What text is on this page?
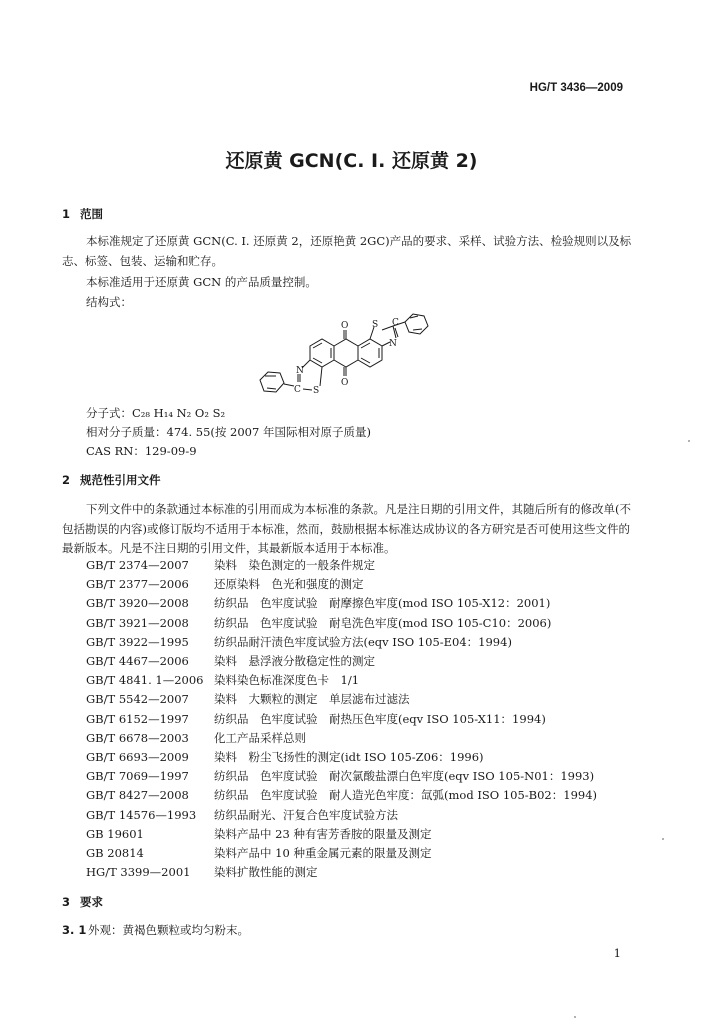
HG/T 3436—2009
还原黄 GCN(C. I. 还原黄 2)
1 范围
本标准规定了还原黄 GCN(C. I. 还原黄 2，还原艳黄 2GC)产品的要求、采样、试验方法、检验规则以及标志、标签、包装、运输和贮存。
本标准适用于还原黄 GCN 的产品质量控制。
结构式：
O
O
S C
N
N
C S
分子式：C₂₈ H₁₄ N₂ O₂ S₂
相对分子质量：474. 55(按 2007 年国际相对原子质量)
CAS RN：129-09-9
2 规范性引用文件
下列文件中的条款通过本标准的引用而成为本标准的条款。凡是注日期的引用文件，其随后所有的修改单(不包括勘误的内容)或修订版均不适用于本标准，然而，鼓励根据本标准达成协议的各方研究是否可使用这些文件的最新版本。凡是不注日期的引用文件，其最新版本适用于本标准。
GB/T 2374—2007 染料　染色测定的一般条件规定
GB/T 2377—2006 还原染料　色光和强度的测定
GB/T 3920—2008 纺织品　色牢度试验　耐摩擦色牢度(mod ISO 105-X12：2001)
GB/T 3921—2008 纺织品　色牢度试验　耐皂洗色牢度(mod ISO 105-C10：2006)
GB/T 3922—1995 纺织品耐汗渍色牢度试验方法(eqv ISO 105-E04：1994)
GB/T 4467—2006 染料　悬浮液分散稳定性的测定
GB/T 4841. 1—2006 染料染色标准深度色卡　1/1
GB/T 5542—2007 染料　大颗粒的测定　单层滤布过滤法
GB/T 6152—1997 纺织品　色牢度试验　耐热压色牢度(eqv ISO 105-X11：1994)
GB/T 6678—2003 化工产品采样总则
GB/T 6693—2009 染料　粉尘飞扬性的测定(idt ISO 105-Z06：1996)
GB/T 7069—1997 纺织品　色牢度试验　耐次氯酸盐漂白色牢度(eqv ISO 105-N01：1993)
GB/T 8427—2008 纺织品　色牢度试验　耐人造光色牢度：氙弧(mod ISO 105-B02：1994)
GB/T 14576—1993 纺织品耐光、汗复合色牢度试验方法
GB 19601	染料产品中 23 种有害芳香胺的限量及测定
GB 20814	染料产品中 10 种重金属元素的限量及测定
HG/T 3399—2001 染料扩散性能的测定
3 要求
3. 1 外观：黄褐色颗粒或均匀粉末。
1
